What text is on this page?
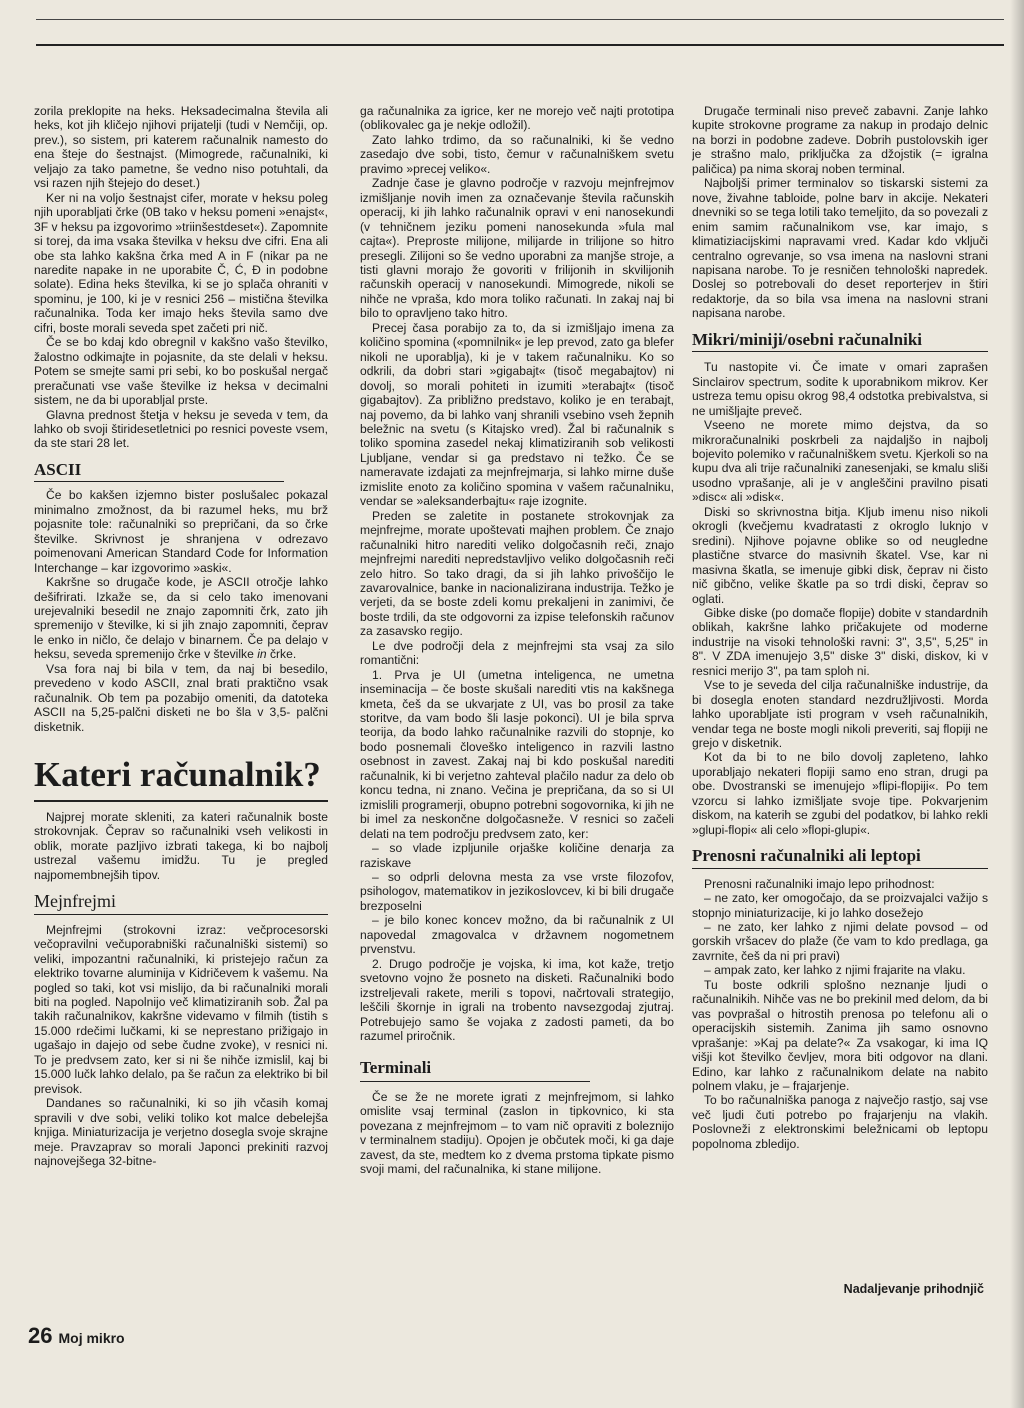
zorila preklopite na heks. Heksadecimalna števila ali heks, kot jih kličejo njihovi prijatelji (tudi v Nemčiji, op. prev.), so sistem, pri katerem računalnik namesto do ena šteje do šestnajst. (Mimogrede, računalniki, ki veljajo za tako pametne, še vedno niso potuhtali, da vsi razen njih štejejo do deset.)

Ker ni na voljo šestnajst cifer, morate v heksu poleg njih uporabljati črke (0B tako v heksu pomeni »enajst«, 3F v heksu pa izgovorimo »triinšestdeset«). Zapomnite si torej, da ima vsaka številka v heksu dve cifri. Ena ali obe sta lahko kakšna črka med A in F (nikar pa ne naredite napake in ne uporabite Č, Ć, Đ in podobne solate). Edina heks številka, ki se jo splača ohraniti v spominu, je 100, ki je v resnici 256 – mistična številka računalnika. Toda ker imajo heks števila samo dve cifri, boste morali seveda spet začeti pri nič.

Če se bo kdaj kdo obregnil v kakšno vašo številko, žalostno odkimajte in pojasnite, da ste delali v heksu. Potem se smejte sami pri sebi, ko bo poskušal nergač preračunati vse vaše številke iz heksa v decimalni sistem, ne da bi uporabljal prste.

Glavna prednost štetja v heksu je seveda v tem, da lahko ob svoji štiridesetletnici po resnici poveste vsem, da ste stari 28 let.

ASCII

Če bo kakšen izjemno bister poslušalec pokazal minimalno zmožnost, da bi razumel heks, mu brž pojasnite tole: računalniki so prepričani, da so črke številke. Skrivnost je shranjena v odrezavo poimenovani American Standard Code for Information Interchange – kar izgovorimo »aski«.

Kakršne so drugače kode, je ASCII otročje lahko dešifrirati. Izkaže se, da si celo tako imenovani urejevalniki besedil ne znajo zapomniti črk, zato jih spremenijo v številke, ki si jih znajo zapomniti, čeprav le enko in ničlo, če delajo v binarnem. Če pa delajo v heksu, seveda spremenijo črke v številke in črke.

Vsa fora naj bi bila v tem, da naj bi besedilo, prevedeno v kodo ASCII, znal brati praktično vsak računalnik. Ob tem pa pozabijo omeniti, da datoteka ASCII na 5,25-palčni disketi ne bo šla v 3,5- palčni disketnik.

Kateri računalnik?

Najprej morate skleniti, za kateri računalnik boste strokovnjak. Čeprav so računalniki vseh velikosti in oblik, morate pazljivo izbrati takega, ki bo najbolj ustrezal vašemu imidžu. Tu je pregled najpomembnejših tipov.

Mejnfrejmi

Mejnfrejmi (strokovni izraz: večprocesorski večopravilni večuporabniški računalniški sistemi) so veliki, impozantni računalniki, ki pristejejo račun za elektriko tovarne aluminija v Kidričevem k vašemu. Na pogled so taki, kot vsi mislijo, da bi računalniki morali biti na pogled. Napolnijo več klimatiziranih sob. Žal pa takih računalnikov, kakršne videvamo v filmih (tistih s 15.000 rdečimi lučkami, ki se neprestano prižigajo in ugašajo in dajejo od sebe čudne zvoke), v resnici ni. To je predvsem zato, ker si ni še nihče izmislil, kaj bi 15.000 lučk lahko delalo, pa še račun za elektriko bi bil previsok.

Dandanes so računalniki, ki so jih včasih komaj spravili v dve sobi, veliki toliko kot malce debelejša knjiga. Miniaturizacija je verjetno dosegla svoje skrajne meje. Pravzaprav so morali Japonci prekiniti razvoj najnovejšega 32-bitne-

ga računalnika za igrice, ker ne morejo več najti prototipa (oblikovalec ga je nekje odložil).

Zato lahko trdimo, da so računalniki, ki še vedno zasedajo dve sobi, tisto, čemur v računalniškem svetu pravimo »precej veliko«.

Zadnje čase je glavno področje v razvoju mejnfrejmov izmišljanje novih imen za označevanje števila računskih operacij, ki jih lahko računalnik opravi v eni nanosekundi (v tehničnem jeziku pomeni nanosekunda »fula mal cajta«). Preproste milijone, milijarde in trilijone so hitro presegli. Zilijoni so še vedno uporabni za manjše stroje, a tisti glavni morajo že govoriti v frilijonih in skvilijonih računskih operacij v nanosekundi. Mimogrede, nikoli se nihče ne vpraša, kdo mora toliko računati. In zakaj naj bi bilo to opravljeno tako hitro.

Precej časa porabijo za to, da si izmišljajo imena za količino spomina («pomnilnik« je lep prevod, zato ga blefer nikoli ne uporablja), ki je v takem računalniku. Ko so odkrili, da dobri stari »gigabajt« (tisoč megabajtov) ni dovolj, so morali pohiteti in izumiti »terabajt« (tisoč gigabajtov). Za približno predstavo, koliko je en terabajt, naj povemo, da bi lahko vanj shranili vsebino vseh žepnih beležnic na svetu (s Kitajsko vred). Žal bi računalnik s toliko spomina zasedel nekaj klimatiziranih sob velikosti Ljubljane, vendar si ga predstavo ni težko. Če se nameravate izdajati za mejnfrejmarja, si lahko mirne duše izmislite enoto za količino spomina v vašem računalniku, vendar se »aleksanderbajtu« raje izognite.

Preden se zaletite in postanete strokovnjak za mejnfrejme, morate upoštevati majhen problem. Če znajo računalniki hitro narediti veliko dolgočasnih reči, znajo mejnfrejmi narediti nepredstavljivo veliko dolgočasnih reči zelo hitro. So tako dragi, da si jih lahko privoščijo le zavarovalnice, banke in nacionalizirana industrija. Težko je verjeti, da se boste zdeli komu prekaljeni in zanimivi, če boste trdili, da ste odgovorni za izpise telefonskih računov za zasavsko regijo.

Le dve področji dela z mejnfrejmi sta vsaj za silo romantični:

1. Prva je UI (umetna inteligenca, ne umetna inseminacija – če boste skušali narediti vtis na kakšnega kmeta, češ da se ukvarjate z UI, vas bo prosil za take storitve, da vam bodo šli lasje pokonci). UI je bila sprva teorija, da bodo lahko računalnike razvili do stopnje, ko bodo posnemali človeško inteligenco in razvili lastno osebnost in zavest. Zakaj naj bi kdo poskušal narediti računalnik, ki bi verjetno zahteval plačilo nadur za delo ob koncu tedna, ni znano. Večina je prepričana, da so si UI izmislili programerji, obupno potrebni sogovornika, ki jih ne bi imel za neskončne dolgočasneže. V resnici so začeli delati na tem področju predvsem zato, ker:

– so vlade izpljunile orjaške količine denarja za raziskave

– so odprli delovna mesta za vse vrste filozofov, psihologov, matematikov in jezikoslovcev, ki bi bili drugače brezposelni

– je bilo konec koncev možno, da bi računalnik z UI napovedal zmagovalca v državnem nogometnem prvenstvu.

2. Drugo področje je vojska, ki ima, kot kaže, tretjo svetovno vojno že posneto na disketi. Računalniki bodo izstreljevali rakete, merili s topovi, načrtovali strategijo, leščili škornje in igrali na trobento navsezgodaj zjutraj. Potrebujejo samo še vojaka z zadosti pameti, da bo razumel priročnik.

Terminali

Če se že ne morete igrati z mejnfrejmom, si lahko omislite vsaj terminal (zaslon in tipkovnico, ki sta povezana z mejnfrejmom – to vam nič opraviti z boleznijo v terminalnem stadiju). Opojen je občutek moči, ki ga daje zavest, da ste, medtem ko z dvema prstoma tipkate pismo svoji mami, del računalnika, ki stane milijone.

Drugače terminali niso preveč zabavni. Zanje lahko kupite strokovne programe za nakup in prodajo delnic na borzi in podobne zadeve. Dobrih pustolovskih iger je strašno malo, priključka za džojstik (= igralna paličica) pa nima skoraj noben terminal.

Najboljši primer terminalov so tiskarski sistemi za nove, živahne tabloide, polne barv in akcije. Nekateri dnevniki so se tega lotili tako temeljito, da so povezali z enim samim računalnikom vse, kar imajo, s klimatiziacijskimi napravami vred. Kadar kdo vključi centralno ogrevanje, so vsa imena na naslovni strani napisana narobe. To je resničen tehnološki napredek. Doslej so potrebovali do deset reporterjev in štiri redaktorje, da so bila vsa imena na naslovni strani napisana narobe.

Mikri/miniji/osebni računalniki

Tu nastopite vi. Če imate v omari zaprašen Sinclairov spectrum, sodite k uporabnikom mikrov. Ker ustreza temu opisu okrog 98,4 odstotka prebivalstva, si ne umišljajte preveč.

Vseeno ne morete mimo dejstva, da so mikroračunalniki poskrbeli za najdaljšo in najbolj bojevito polemiko v računalniškem svetu. Kjerkoli so na kupu dva ali trije računalniki zanesenjaki, se kmalu sliši usodno vprašanje, ali je v angleščini pravilno pisati »disc« ali »disk«.

Diski so skrivnostna bitja. Kljub imenu niso nikoli okrogli (kvečjemu kvadratasti z okroglo luknjo v sredini). Njihove pojavne oblike so od neugledne plastične stvarce do masivnih škatel. Vse, kar ni masivna škatla, se imenuje gibki disk, čeprav ni čisto nič gibčno, velike škatle pa so trdi diski, čeprav so oglati.

Gibke diske (po domače flopije) dobite v standardnih oblikah, kakršne lahko pričakujete od moderne industrije na visoki tehnološki ravni: 3", 3,5", 5,25" in 8". V ZDA imenujejo 3,5" diske 3" diski, diskov, ki v resnici merijo 3", pa tam sploh ni.

Vse to je seveda del cilja računalniške industrije, da bi dosegla enoten standard nezdružljivosti. Morda lahko uporabljate isti program v vseh računalnikih, vendar tega ne boste mogli nikoli preveriti, saj flopiji ne grejo v disketnik.

Kot da bi to ne bilo dovolj zapleteno, lahko uporabljajo nekateri flopiji samo eno stran, drugi pa obe. Dvostranski se imenujejo »flipi-flopiji«. Po tem vzorcu si lahko izmišljate svoje tipe. Pokvarjenim diskom, na katerih se zgubi del podatkov, bi lahko rekli »glupi-flopi« ali celo »flopi-glupi«.

Prenosni računalniki ali leptopi

Prenosni računalniki imajo lepo prihodnost:

– ne zato, ker omogočajo, da se proizvajalci važijo s stopnjo miniaturizacije, ki jo lahko dosežejo

– ne zato, ker lahko z njimi delate povsod – od gorskih vršacev do plaže (če vam to kdo predlaga, ga zavrnite, češ da ni pri pravi)

– ampak zato, ker lahko z njimi frajarite na vlaku.

Tu boste odkrili splošno neznanje ljudi o računalnikih. Nihče vas ne bo prekinil med delom, da bi vas povprašal o hitrostih prenosa po telefonu ali o operacijskih sistemih. Zanima jih samo osnovno vprašanje: »Kaj pa delate?« Za vsakogar, ki ima IQ višji kot številko čevljev, mora biti odgovor na dlani. Edino, kar lahko z računalnikom delate na nabito polnem vlaku, je – frajarjenje.

To bo računalniška panoga z največjo rastjo, saj vse več ljudi čuti potrebo po frajarjenju na vlakih. Poslovneži z elektronskimi beležnicami ob leptopu popolnoma zbledijo.

Nadaljevanje prihodnjič
26 Moj mikro
